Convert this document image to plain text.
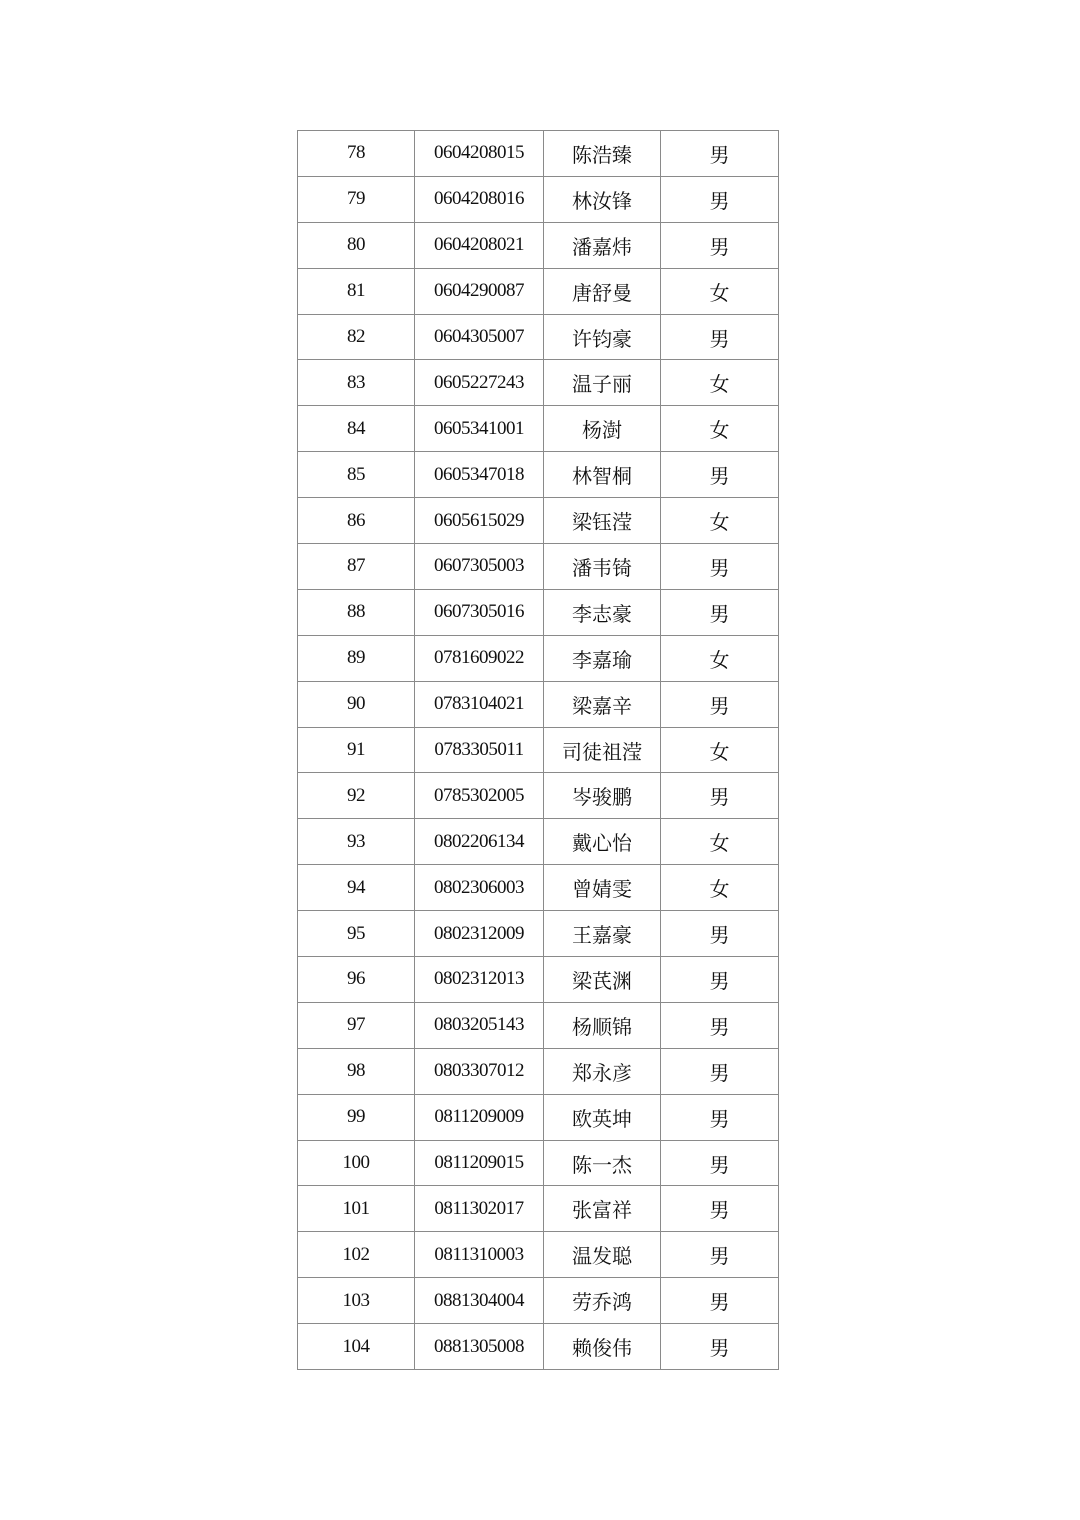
78	0604208015	陈浩臻	男
79	0604208016	林汝锋	男
80	0604208021	潘嘉炜	男
81	0604290087	唐舒曼	女
82	0604305007	许钧豪	男
83	0605227243	温子丽	女
84	0605341001	杨澍	女
85	0605347018	林智桐	男
86	0605615029	梁钰滢	女
87	0607305003	潘韦锜	男
88	0607305016	李志豪	男
89	0781609022	李嘉瑜	女
90	0783104021	梁嘉辛	男
91	0783305011	司徒祖滢	女
92	0785302005	岑骏鹏	男
93	0802206134	戴心怡	女
94	0802306003	曾婧雯	女
95	0802312009	王嘉豪	男
96	0802312013	梁芪渊	男
97	0803205143	杨顺锦	男
98	0803307012	郑永彦	男
99	0811209009	欧英坤	男
100	0811209015	陈一杰	男
101	0811302017	张富祥	男
102	0811310003	温发聪	男
103	0881304004	劳乔鸿	男
104	0881305008	赖俊伟	男
